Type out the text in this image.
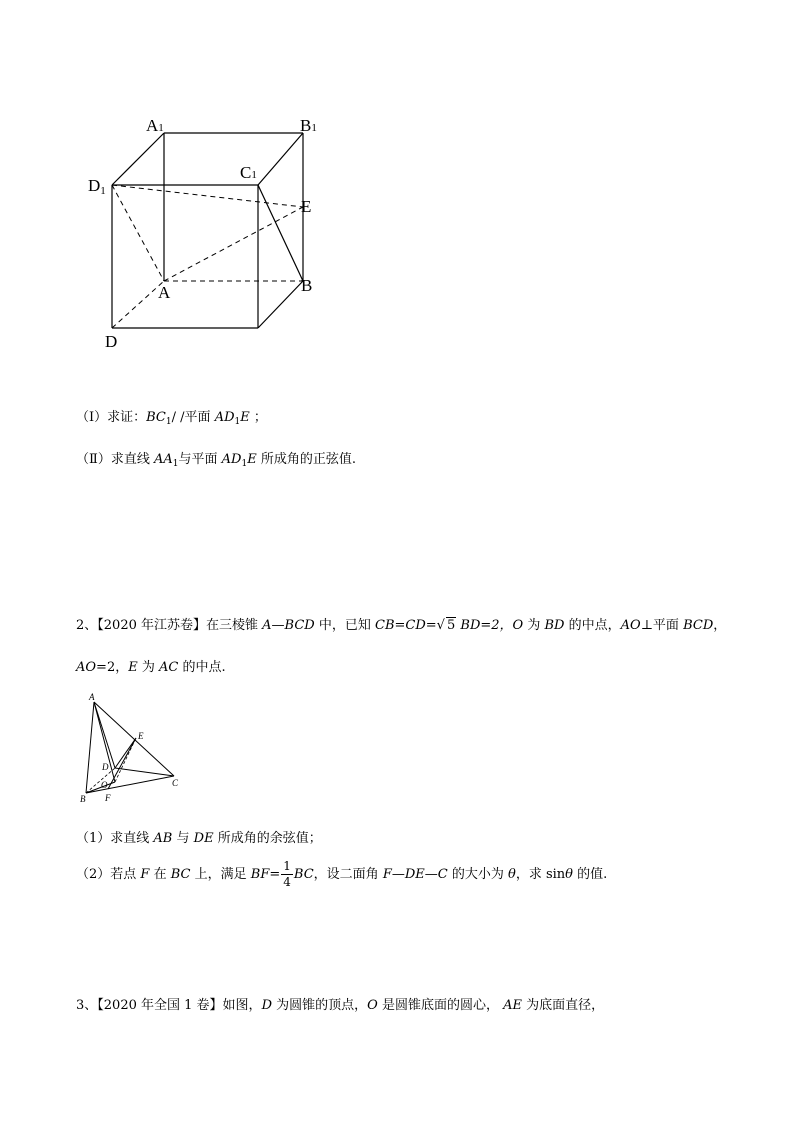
A1	B1
C1
D1
E
A	B
D
（Ⅰ）求证：$BC_1/$ /平面 $AD_1E$ ；
（Ⅱ）求直线 $AA_1$与平面 $AD_1E$ 所成角的正弦值.
2、【2020 年江苏卷】在三棱锥 A—BCD 中，已知 CB=CD=√ 5 BD=2，O 为 BD 的中点，AO⊥平面 BCD，
AO=2，E 为 AC 的中点.
A
E
D
O
B F
C
（1）求直线 AB 与 DE 所成角的余弦值；
（2）若点 F 在 BC 上，满足 $BF= \frac{1}{4}$ BC，设二面角 F—DE—C 的大小为 θ，求 sinθ 的值.
3、【2020 年全国 1 卷】如图，D 为圆锥的顶点，O 是圆锥底面的圆心， AE 为底面直径，
